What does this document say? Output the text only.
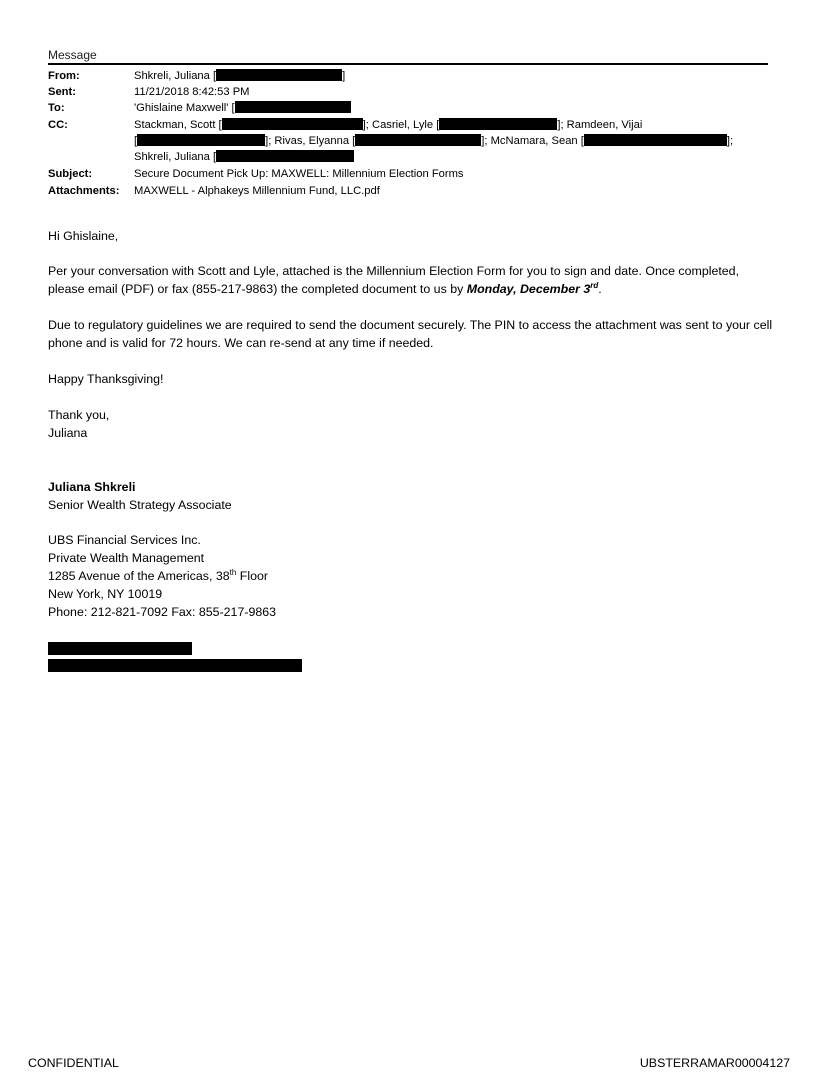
Message
From:	Shkreli, Juliana [	]
Sent:	11/21/2018 8:42:53 PM
To:	'Ghislaine Maxwell' [
CC:	Stackman, Scott [	]; Casriel, Lyle [	]; Ramdeen, Vijai
[	]; Rivas, Elyanna [	]; McNamara, Sean [	];
Shkreli, Juliana [
Subject:	Secure Document Pick Up: MAXWELL: Millennium Election Forms
Attachments: MAXWELL - Alphakeys Millennium Fund, LLC.pdf
Hi Ghislaine,

Per your conversation with Scott and Lyle, attached is the Millennium Election Form for you to sign and date. Once completed, please email (PDF) or fax (855-217-9863) the completed document to us by Monday, December 3rd.

Due to regulatory guidelines we are required to send the document securely. The PIN to access the attachment was sent to your cell phone and is valid for 72 hours. We can re-send at any time if needed.

Happy Thanksgiving!

Thank you,

Juliana

Juliana Shkreli

Senior Wealth Strategy Associate

UBS Financial Services Inc.

Private Wealth Management

1285 Avenue of the Americas, 38th Floor

New York, NY 10019

Phone: 212-821-7092 Fax: 855-217-9863

CONFIDENTIAL	UBSTERRAMAR00004127
